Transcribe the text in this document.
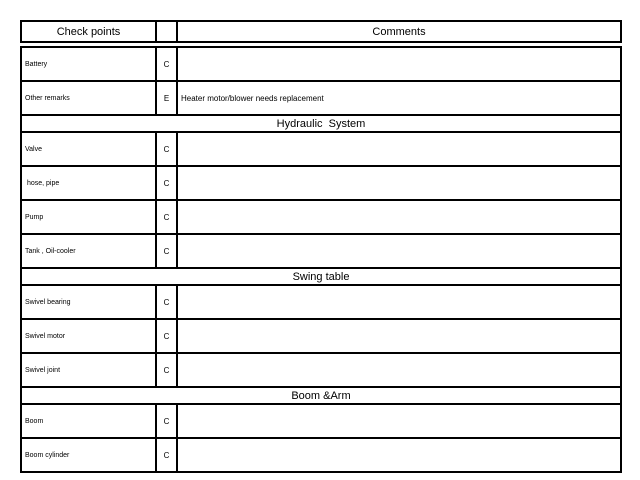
Check points		Comments

Battery	C	
Other remarks	E	Heater motor/blower needs replacement
Hydraulic  System		
Valve	C	
hose, pipe	C	
Pump	C	
Tank , Oil-cooler	C	
Swing table		
Swivel bearing	C	
Swivel motor	C	
Swivel joint	C	
Boom &Arm		
Boom	C	
Boom cylinder	C	
